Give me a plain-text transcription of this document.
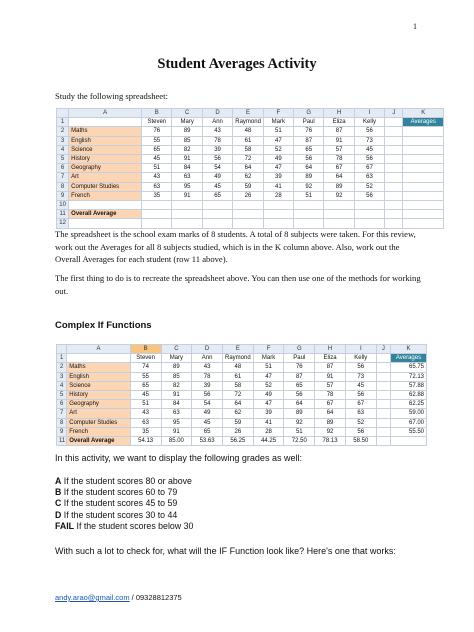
1
Student Averages Activity
Study the following spreadsheet:
	A	B	C	D	E	F	G	H	I	J	K
1		Steven	Mary	Ann	Raymond	Mark	Paul	Eliza	Kelly		Averages
2	Maths	76	89	43	48	51	76	87	56		
3	English	55	85	78	61	47	87	91	73		
4	Science	65	82	39	58	52	65	57	45		
5	History	45	91	56	72	49	56	78	56		
6	Geography	51	84	54	64	47	64	67	67		
7	Art	43	63	49	62	39	89	64	63		
8	Computer Studies	63	95	45	59	41	92	89	52		
9	French	35	91	65	26	28	51	92	56		
10											
11	Overall Average										
12											
The spreadsheet is the school exam marks of 8 students. A total of 8 subjects were taken. For this review, work out the Averages for all 8 subjects studied, which is in the K column above. Also, work out the Overall Averages for each student (row 11 above).
The first thing to do is to recreate the spreadsheet above. You can then use one of the methods for working out.
Complex If Functions
	A	B	C	D	E	F	G	H	I	J	K
1		Steven	Mary	Ann	Raymond	Mark	Paul	Eliza	Kelly		Averages
2	Maths	74	89	43	48	51	76	87	56		65.75
3	English	55	85	78	61	47	87	91	73		72.13
4	Science	65	82	39	58	52	65	57	45		57.88
5	History	45	91	56	72	49	56	78	56		62.88
6	Geography	51	84	54	64	47	64	67	67		62.25
7	Art	43	63	49	62	39	89	64	63		59.00
8	Computer Studies	63	95	45	59	41	92	89	52		67.00
9	French	35	91	65	26	28	51	92	56		55.50
11	Overall Average	54.13	85.00	53.63	56.25	44.25	72.50	78.13	58.50		
In this activity, we want to display the following grades as well:
A If the student scores 80 or above
B If the student scores 60 to 79
C If the student scores 45 to 59
D If the student scores 30 to 44
FAIL If the student scores below 30
With such a lot to check for, what will the IF Function look like? Here's one that works:
andy.arao@gmail.com / 09328812375
